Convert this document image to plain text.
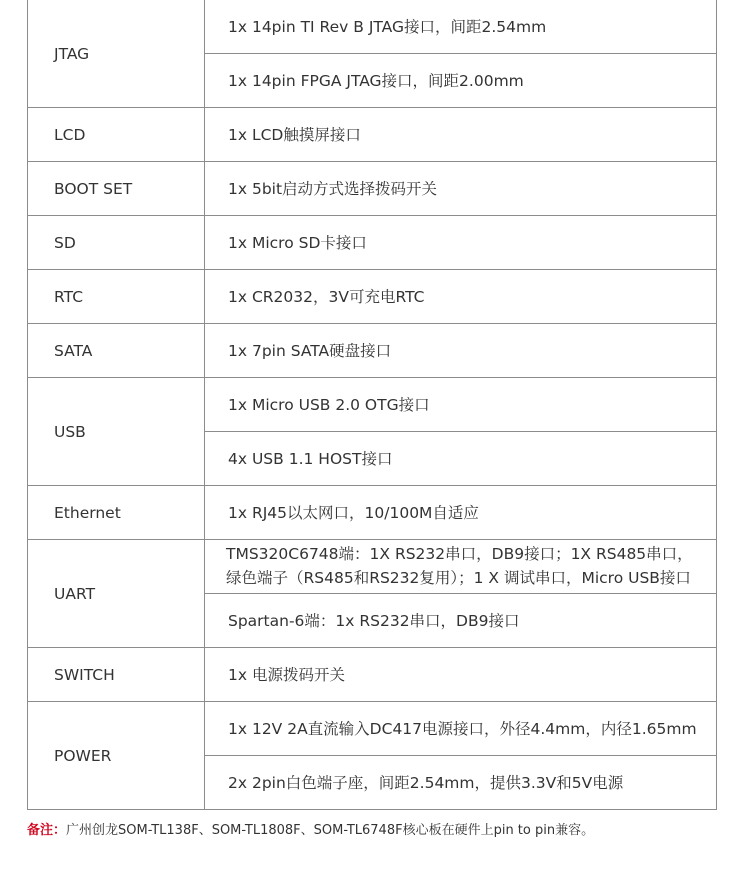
JTAG	1x 14pin TI Rev B JTAG接口，间距2.54mm
	1x 14pin FPGA JTAG接口，间距2.00mm
LCD	1x LCD触摸屏接口
BOOT SET	1x 5bit启动方式选择拨码开关
SD	1x Micro SD卡接口
RTC	1x CR2032，3V可充电RTC
SATA	1x 7pin SATA硬盘接口
USB	1x Micro USB 2.0 OTG接口
	4x USB 1.1 HOST接口
Ethernet	1x RJ45以太网口，10/100M自适应
UART	TMS320C6748端：1X RS232串口，DB9接口；1X RS485串口，
绿色端子（RS485和RS232复用）；1 X 调试串口，Micro USB接口

	Spartan-6端：1x RS232串口，DB9接口
SWITCH	1x 电源拨码开关
POWER	1x 12V 2A直流输入DC417电源接口，外径4.4mm，内径1.65mm
	2x 2pin白色端子座，间距2.54mm，提供3.3V和5V电源
备注：广州创龙SOM-TL138F、SOM-TL1808F、SOM-TL6748F核心板在硬件上pin to pin兼容。
